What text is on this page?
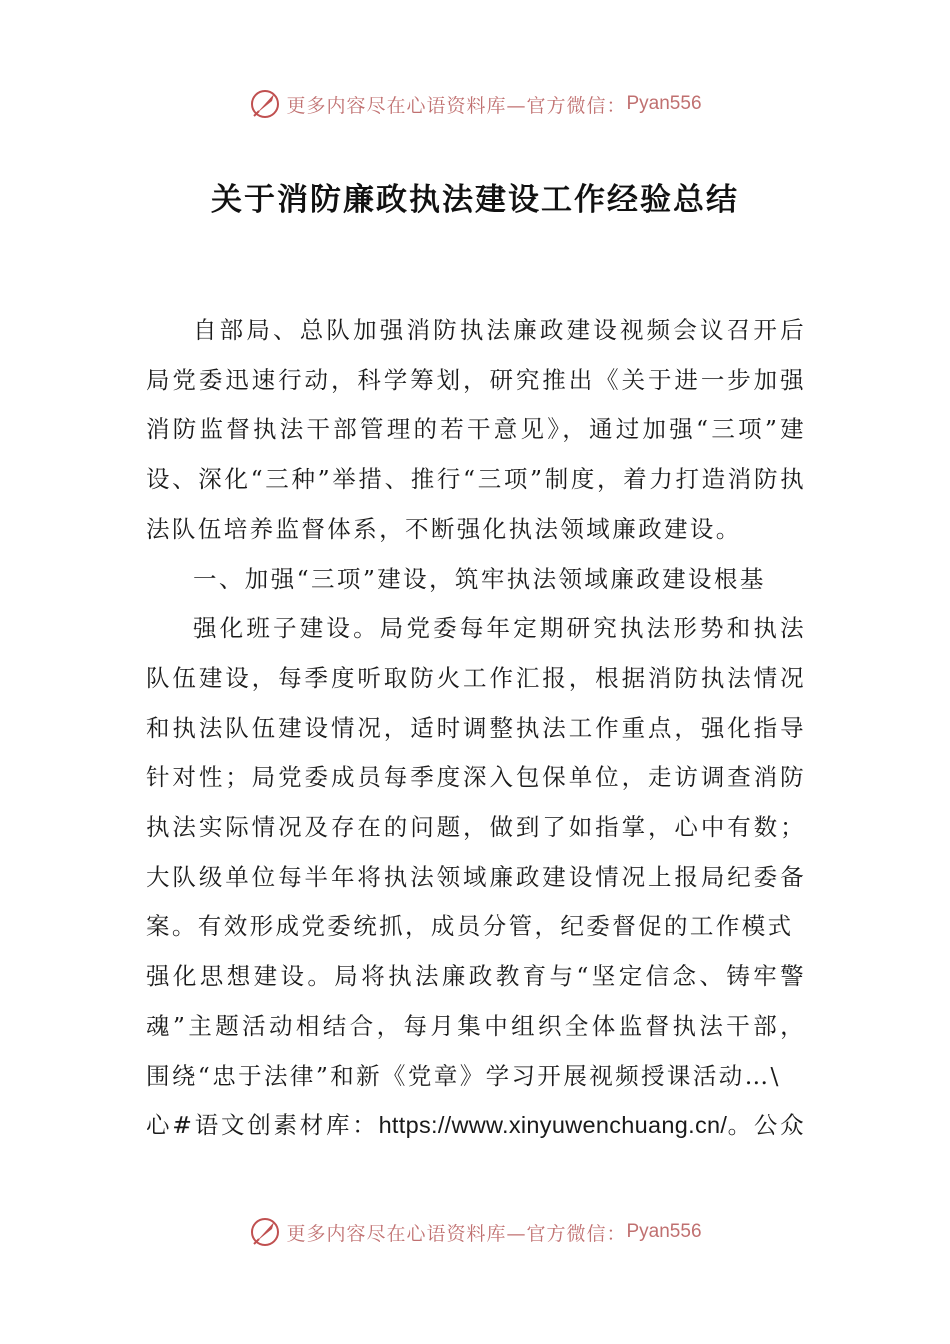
更多内容尽在心语资料库—官方微信： Pyan556
关于消防廉政执法建设工作经验总结

自部局、总队加强消防执法廉政建设视频会议召开后局党委迅速行动，科学筹划，研究推出《关于进一步加强消防监督执法干部管理的若干意见》，通过加强“三项”建设、深化“三种”举措、推行“三项”制度，着力打造消防执法队伍培养监督体系，不断强化执法领域廉政建设。

一、加强“三项”建设，筑牢执法领域廉政建设根基

强化班子建设。局党委每年定期研究执法形势和执法队伍建设，每季度听取防火工作汇报，根据消防执法情况和执法队伍建设情况，适时调整执法工作重点，强化指导针对性；局党委成员每季度深入包保单位，走访调查消防执法实际情况及存在的问题，做到了如指掌，心中有数；大队级单位每半年将执法领域廉政建设情况上报局纪委备案。有效形成党委统抓，成员分管，纪委督促的工作模式

强化思想建设。局将执法廉政教育与“坚定信念、铸牢警魂”主题活动相结合，每月集中组织全体监督执法干部，围绕“忠于法律”和新《党章》学习开展视频授课活动…\

心#语文创素材库：https://www.xinyuwenchuang.cn/。公众

更多内容尽在心语资料库—官方微信： Pyan556
